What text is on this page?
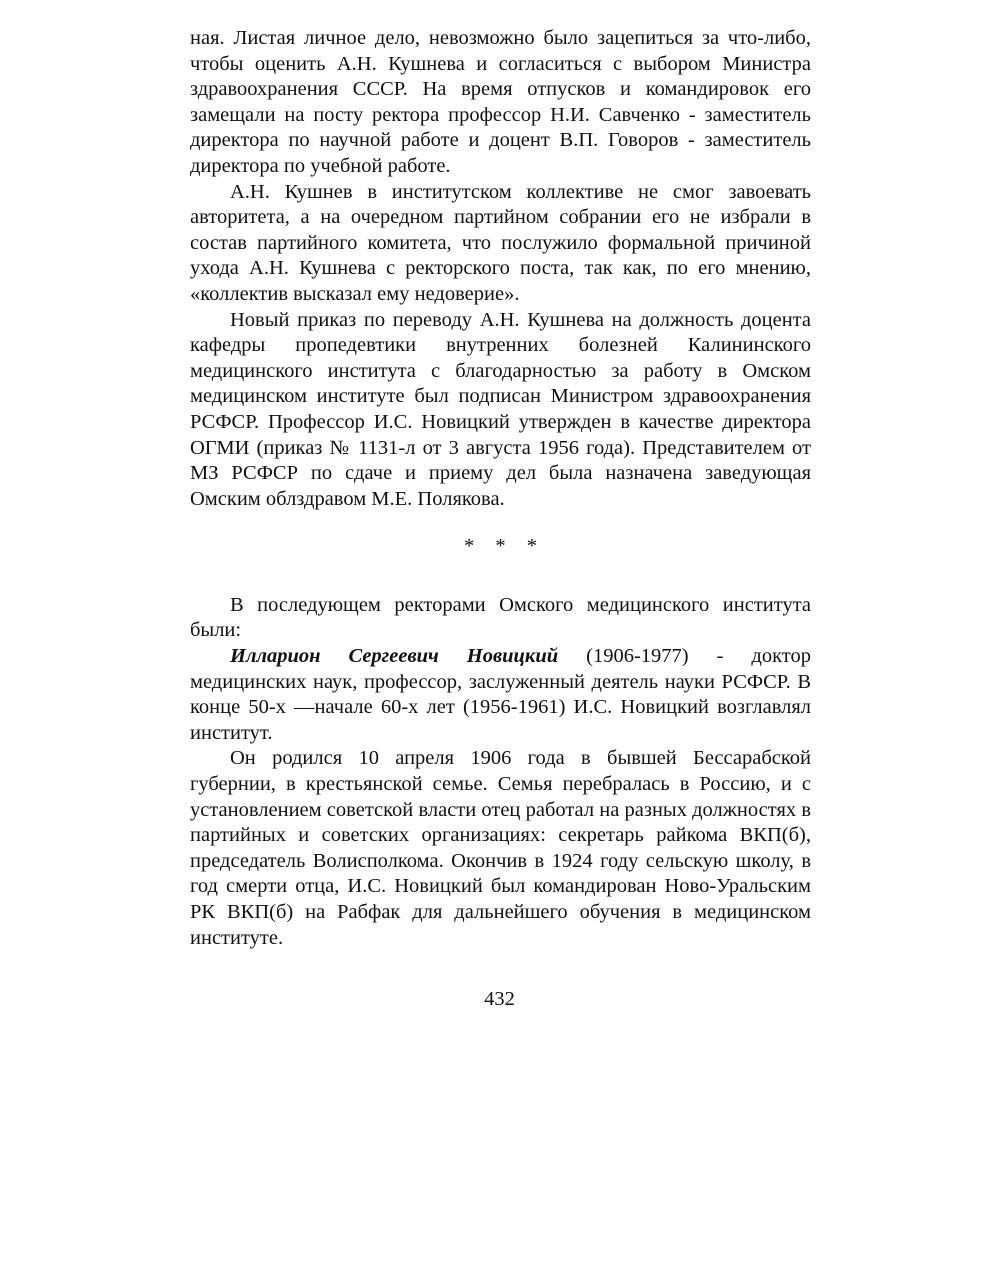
ная. Листая личное дело, невозможно было зацепиться за что-либо, чтобы оценить А.Н. Кушнева и согласиться с выбором Министра здравоохранения СССР. На время отпусков и командировок его замещали на посту ректора профессор Н.И. Савченко - заместитель директора по научной работе и доцент В.П. Говоров - заместитель директора по учебной работе.

А.Н. Кушнев в институтском коллективе не смог завоевать авторитета, а на очередном партийном собрании его не избрали в состав партийного комитета, что послужило формальной причиной ухода А.Н. Кушнева с ректорского поста, так как, по его мнению, «коллектив высказал ему недоверие».

Новый приказ по переводу А.Н. Кушнева на должность доцента кафедры пропедевтики внутренних болезней Калининского медицинского института с благодарностью за работу в Омском медицинском институте был подписан Министром здравоохранения РСФСР. Профессор И.С. Новицкий утвержден в качестве директора ОГМИ (приказ № 1131-л от 3 августа 1956 года). Представителем от МЗ РСФСР по сдаче и приему дел была назначена заведующая Омским облздравом М.Е. Полякова.

* * *

В последующем ректорами Омского медицинского института были:

Илларион Сергеевич Новицкий (1906-1977) - доктор медицинских наук, профессор, заслуженный деятель науки РСФСР. В конце 50-х —начале 60-х лет (1956-1961) И.С. Новицкий возглавлял институт.

Он родился 10 апреля 1906 года в бывшей Бессарабской губернии, в крестьянской семье. Семья перебралась в Россию, и с установлением советской власти отец работал на разных должностях в партийных и советских организациях: секретарь райкома ВКП(б), председатель Волисполкома. Окончив в 1924 году сельскую школу, в год смерти отца, И.С. Новицкий был командирован Ново-Уральским РК ВКП(б) на Рабфак для дальнейшего обучения в медицинском институте.

432
